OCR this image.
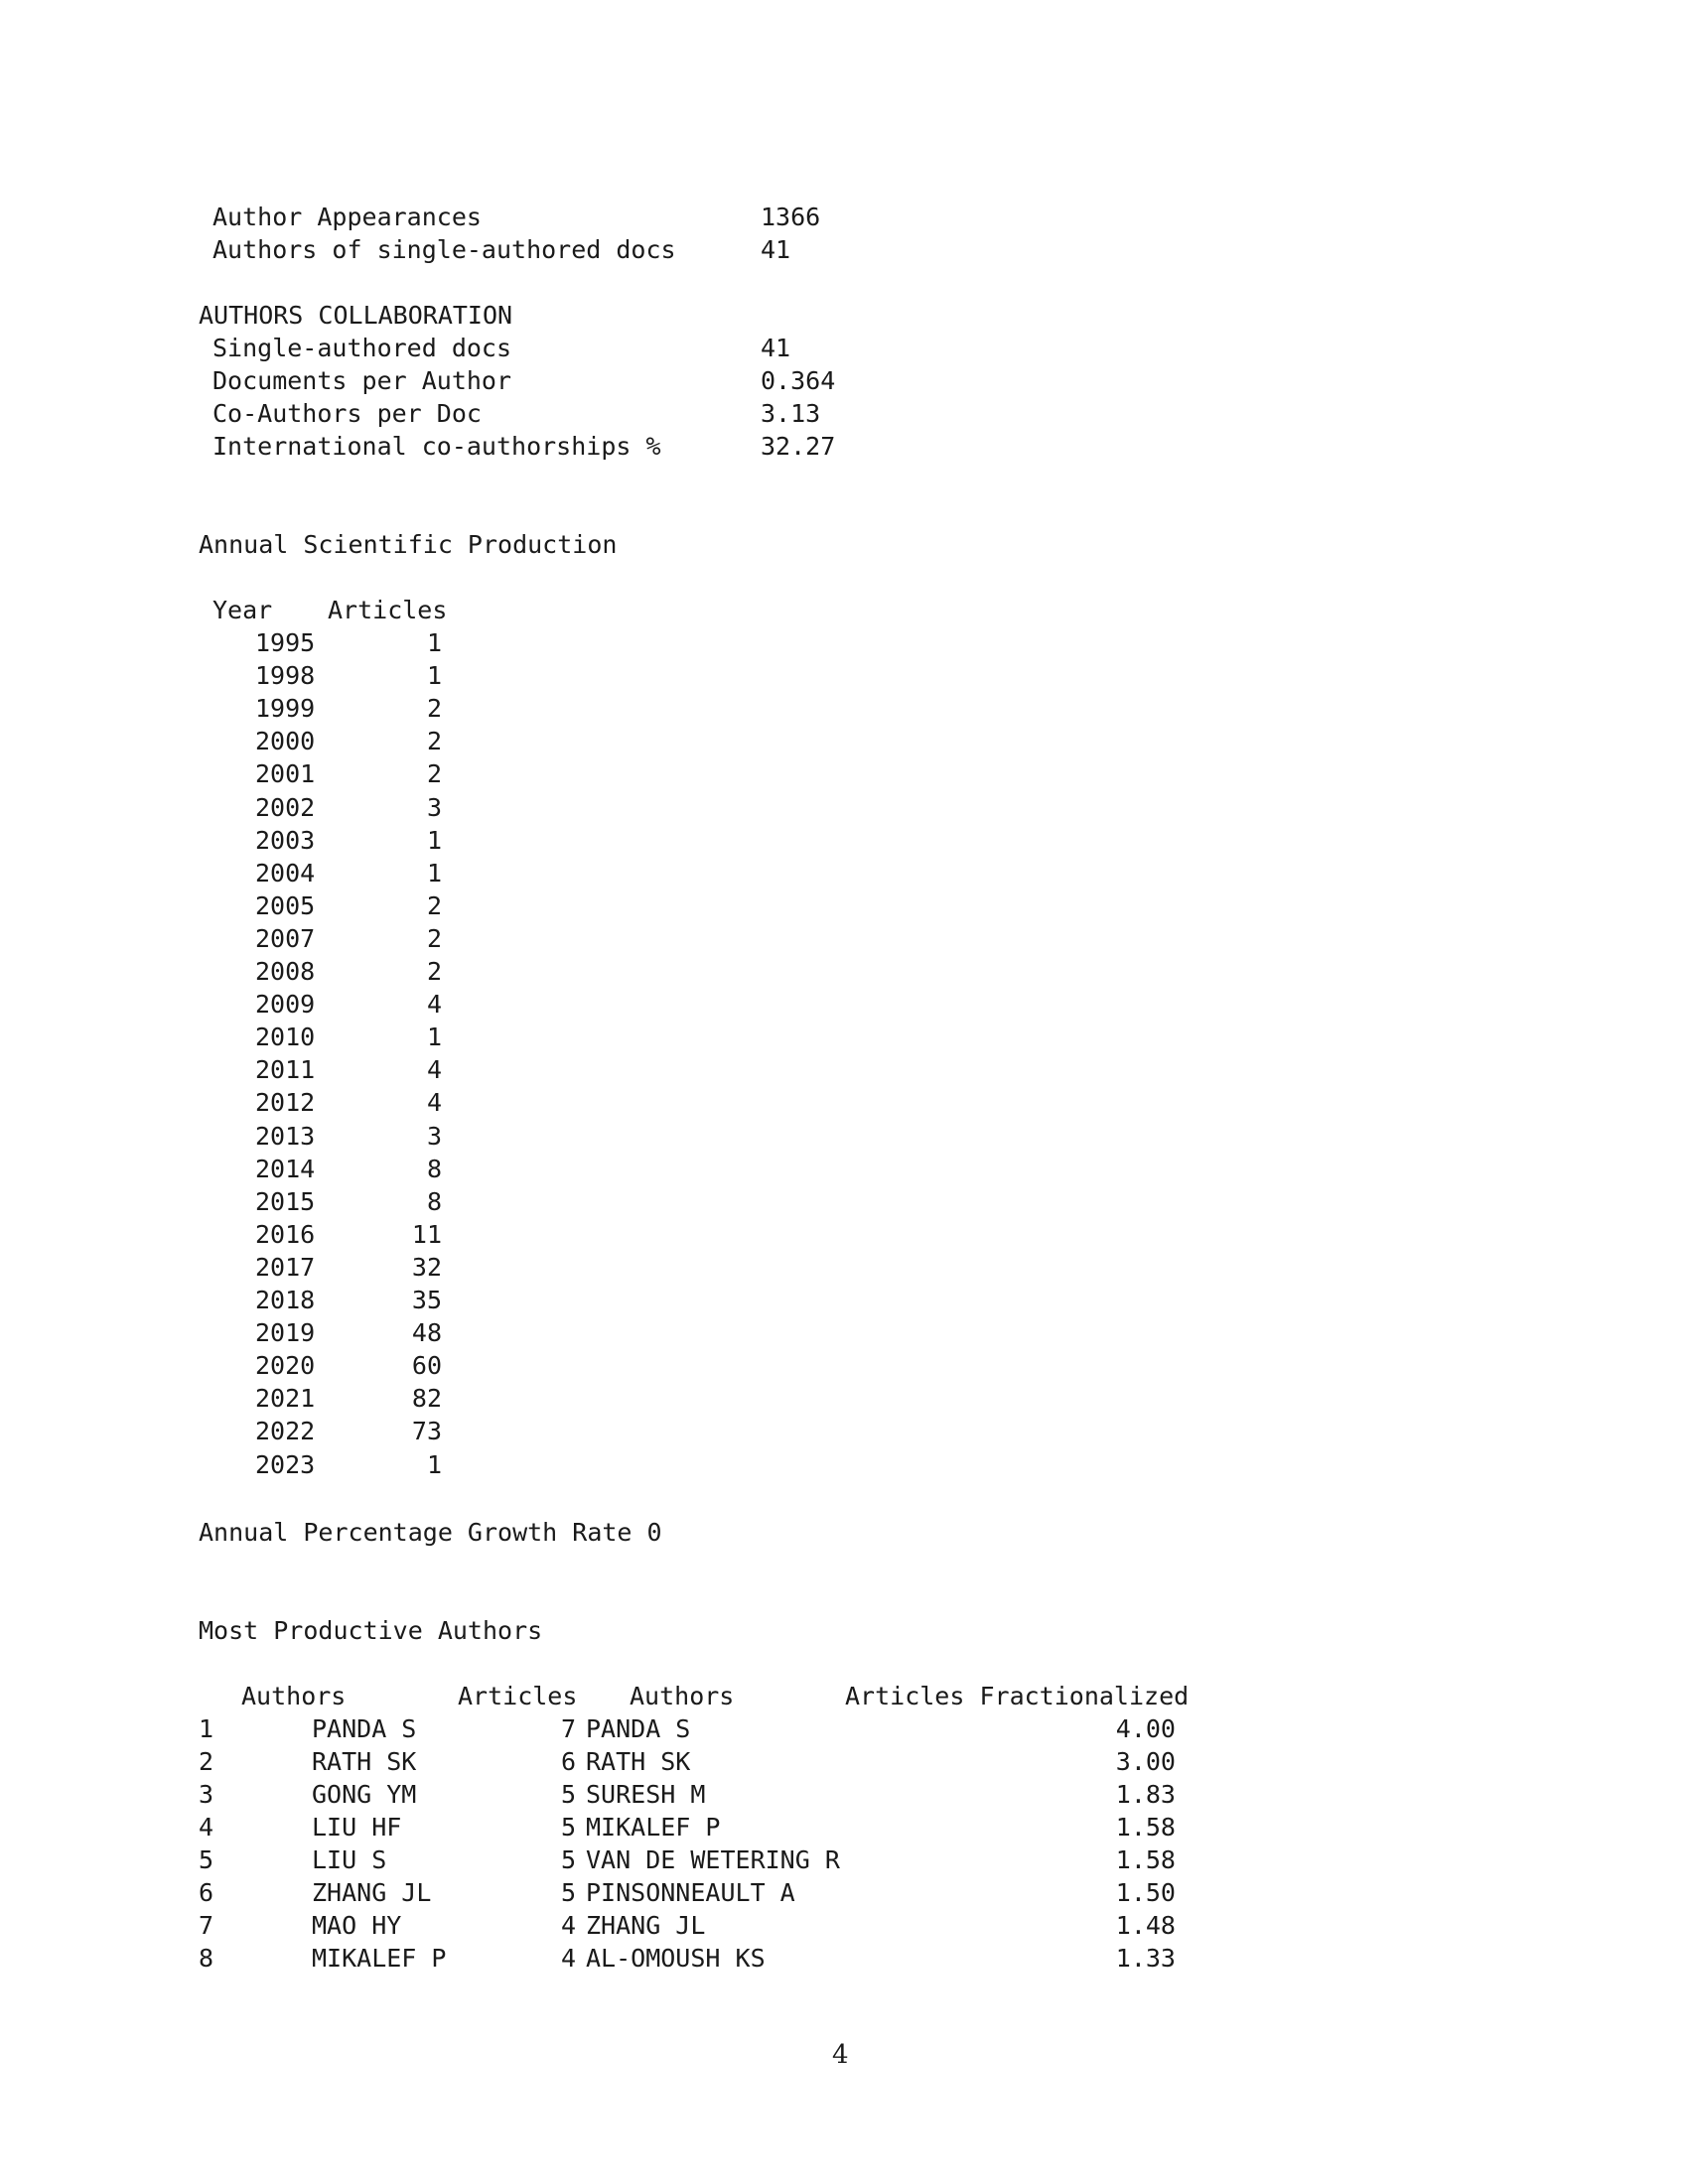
Author Appearances	1366
Authors of single-authored docs	41
AUTHORS COLLABORATION
Single-authored docs	41
Documents per Author	0.364
Co-Authors per Doc	3.13
International co-authorships %	32.27
Annual Scientific Production
Year Articles
1995	1
1998	1
1999	2
2000	2
2001	2
2002	3
2003	1
2004	1
2005	2
2007	2
2008	2
2009	4
2010	1
2011	4
2012	4
2013	3
2014	8
2015	8
2016	11
2017	32
2018	35
2019	48
2020	60
2021	82
2022	73
2023	1
Annual Percentage Growth Rate 0
Most Productive Authors
Authors	Articles Authors	Articles Fractionalized
1	PANDA S	7 PANDA S	4.00
2	RATH SK	6 RATH SK	3.00
3	GONG YM	5 SURESH M	1.83
4	LIU HF	5 MIKALEF P	1.58
5	LIU S	5 VAN DE WETERING R	1.58
6	ZHANG JL	5 PINSONNEAULT A	1.50
7	MAO HY	4 ZHANG JL	1.48
8	MIKALEF P	4 AL-OMOUSH KS	1.33
4
